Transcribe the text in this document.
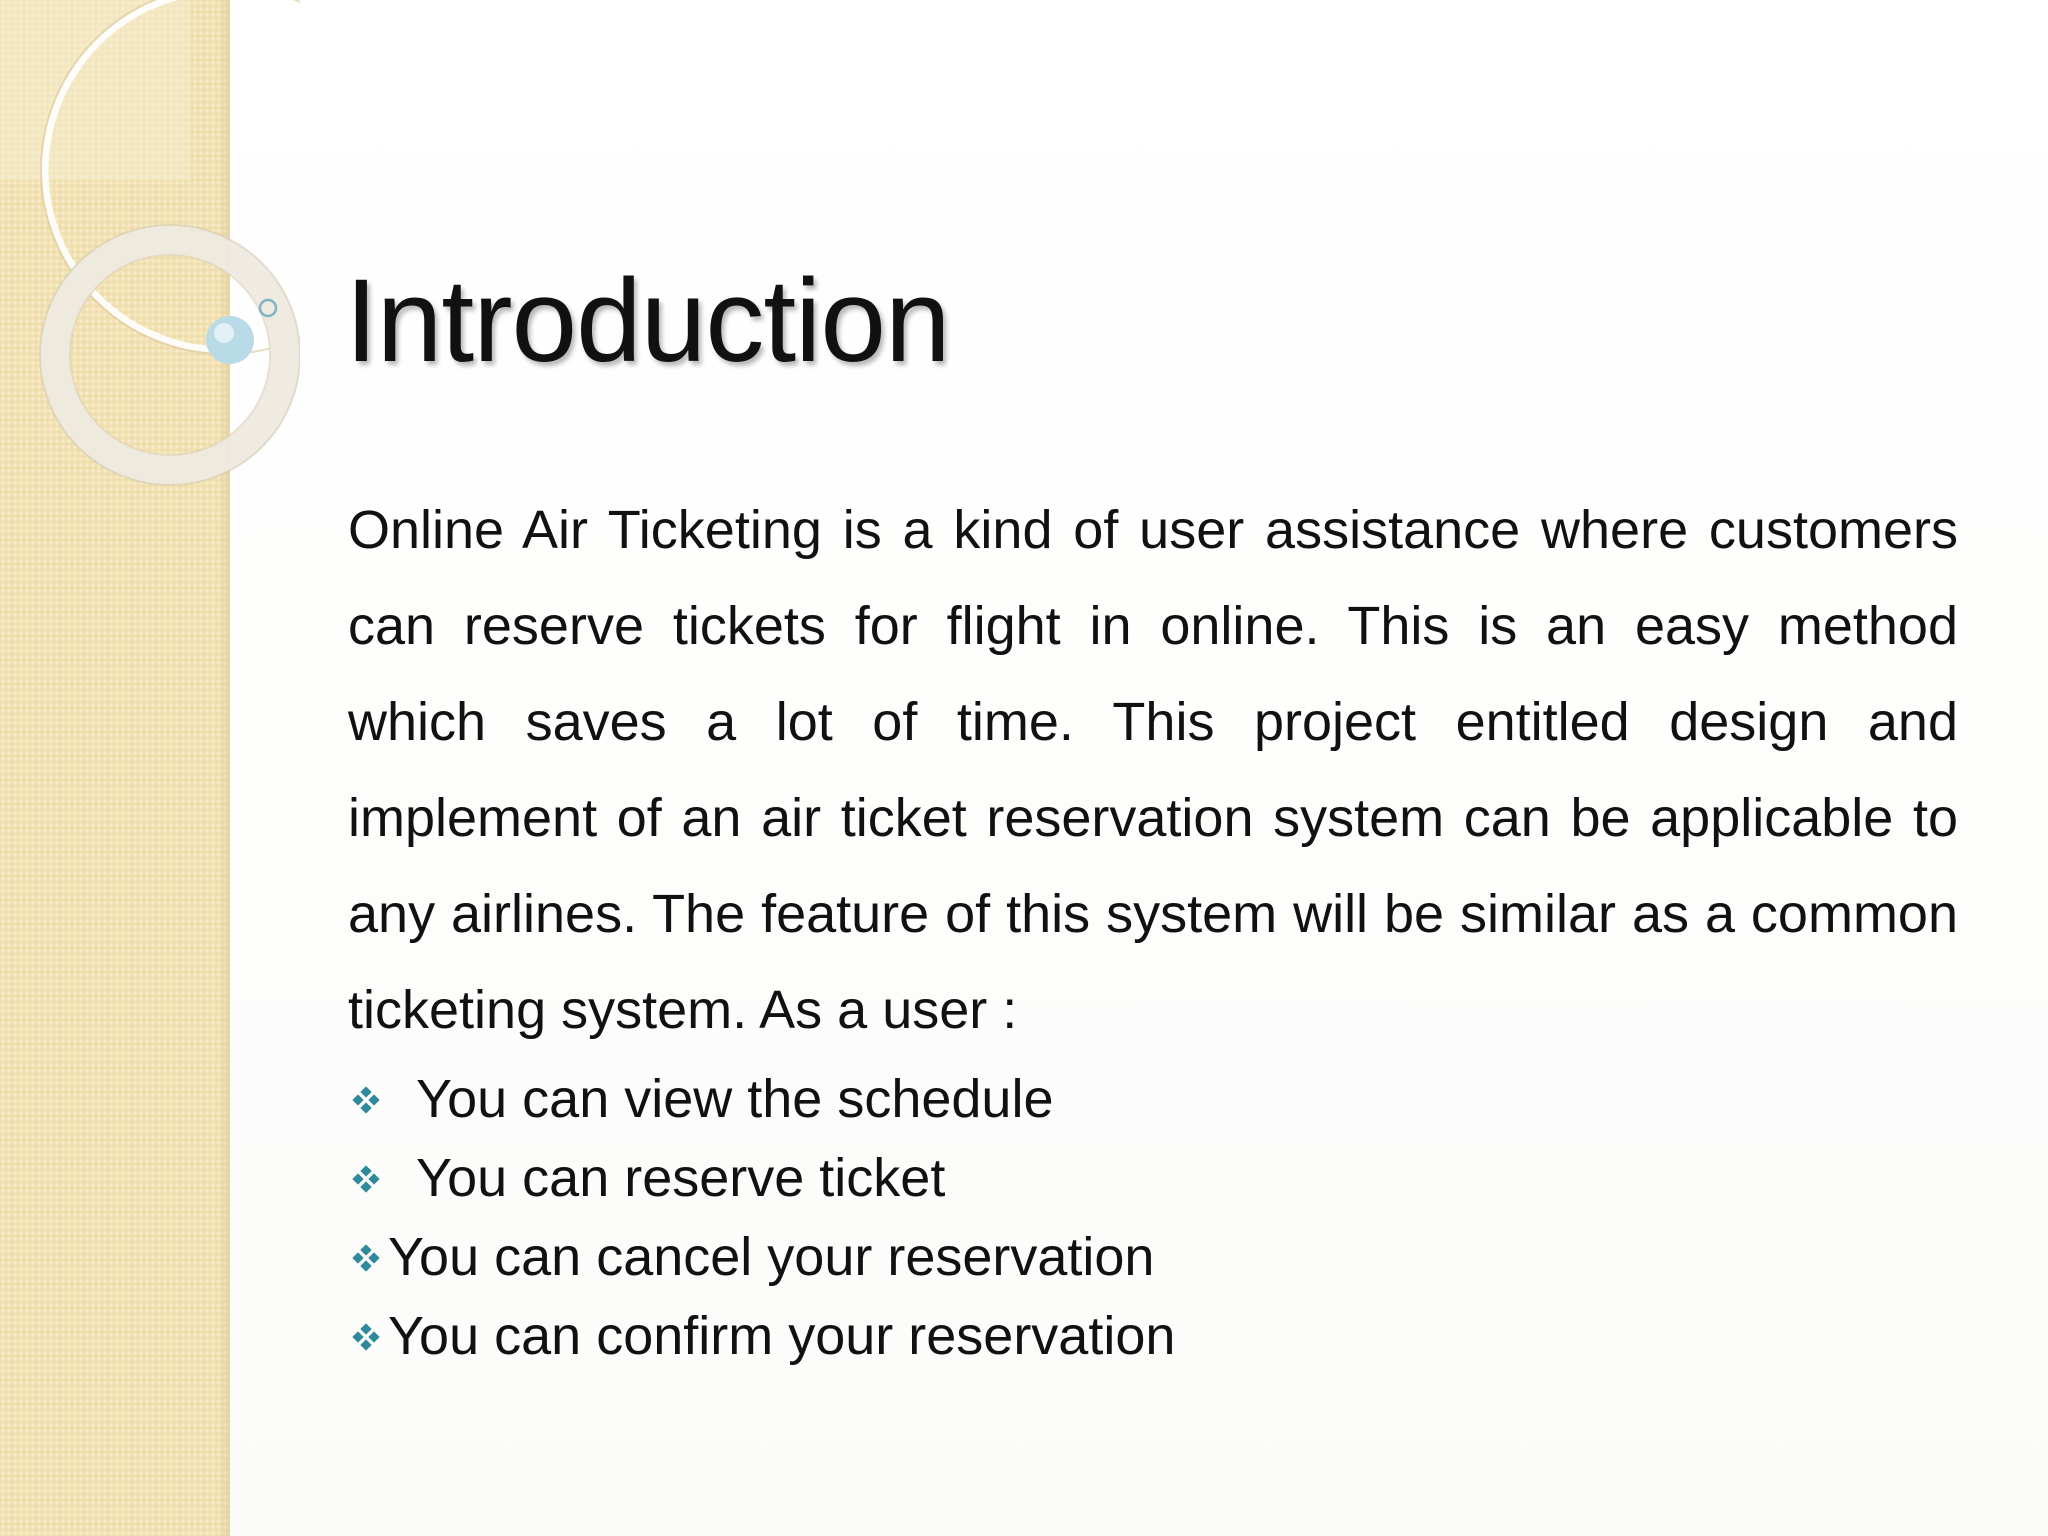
Introduction

Online Air Ticketing is a kind of user assistance where customers can reserve tickets for flight in online. This is an easy method which saves a lot of time. This project entitled design and implement of an air ticket reservation system can be applicable to any airlines. The feature of this system will be similar as a common ticketing system. As a user :

You can view the schedule
You can reserve ticket
You can cancel your reservation
You can confirm your reservation
